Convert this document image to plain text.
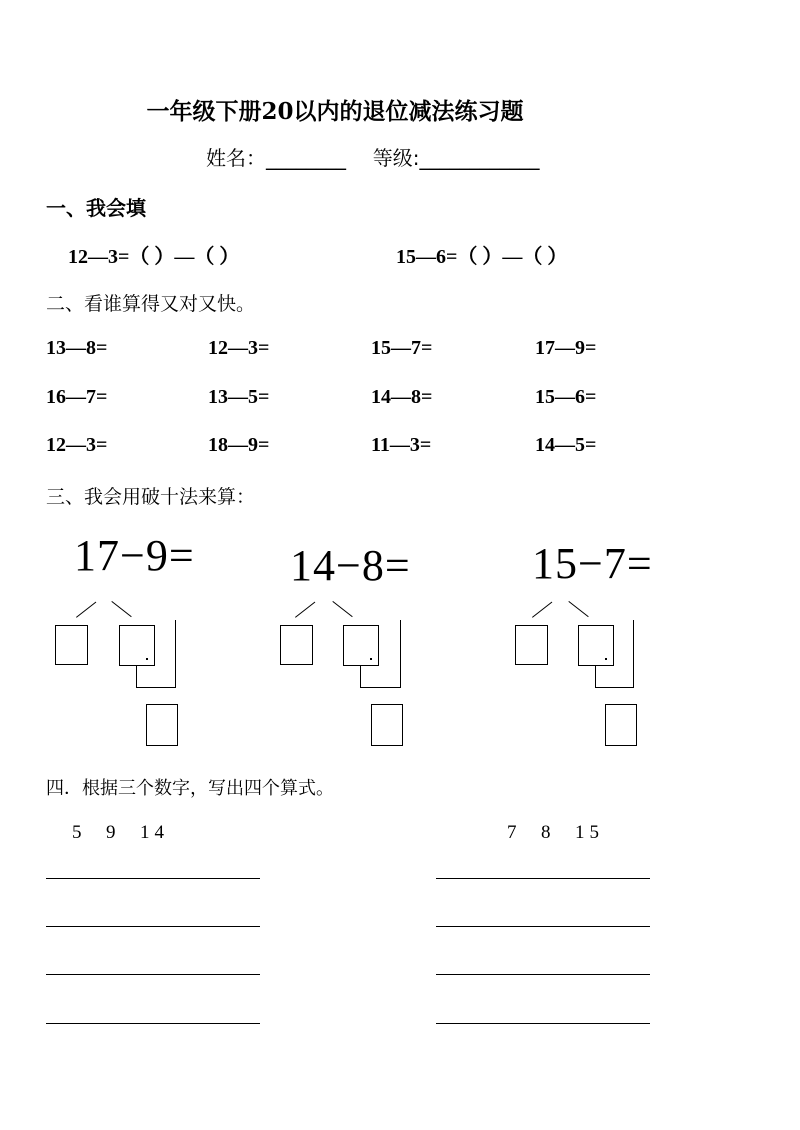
一年级下册20以内的退位减法练习题
姓名：________ 等级:____________
一、我会填
12—3=（ ）—（ ）	15—6=（ ）—（ ）
二、看谁算得又对又快。
13—8=	12—3=	15—7=	17—9=
16—7=	13—5=	14—8=	15—6=
12—3=	18—9=	11—3=	14—5=
三、我会用破十法来算：
17−9= 14−8=	15−7=
四．根据三个数字，写出四个算式。
5  9  14	7  8  15
